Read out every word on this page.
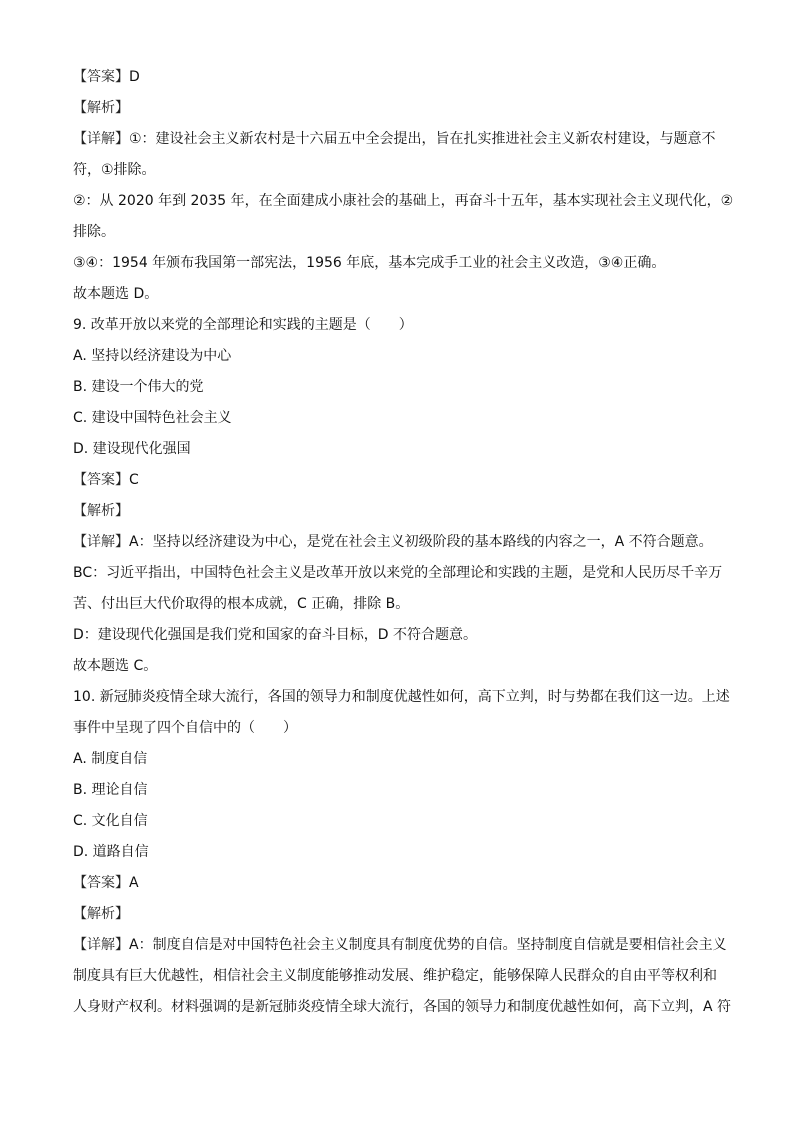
【答案】D
【解析】
【详解】①：建设社会主义新农村是十六届五中全会提出，旨在扎实推进社会主义新农村建设，与题意不
符，①排除。
②：从 2020 年到 2035 年，在全面建成小康社会的基础上，再奋斗十五年，基本实现社会主义现代化，②
排除。
③④：1954 年颁布我国第一部宪法，1956 年底，基本完成手工业的社会主义改造，③④正确。
故本题选 D。
9. 改革开放以来党的全部理论和实践的主题是（　　）
A. 坚持以经济建设为中心
B. 建设一个伟大的党
C. 建设中国特色社会主义
D. 建设现代化强国
【答案】C
【解析】
【详解】A：坚持以经济建设为中心，是党在社会主义初级阶段的基本路线的内容之一，A 不符合题意。
BC：习近平指出，中国特色社会主义是改革开放以来党的全部理论和实践的主题，是党和人民历尽千辛万
苦、付出巨大代价取得的根本成就，C 正确，排除 B。
D：建设现代化强国是我们党和国家的奋斗目标，D 不符合题意。
故本题选 C。
10. 新冠肺炎疫情全球大流行，各国的领导力和制度优越性如何，高下立判，时与势都在我们这一边。上述
事件中呈现了四个自信中的（　　）
A. 制度自信
B. 理论自信
C. 文化自信
D. 道路自信
【答案】A
【解析】
【详解】A：制度自信是对中国特色社会主义制度具有制度优势的自信。坚持制度自信就是要相信社会主义
制度具有巨大优越性，相信社会主义制度能够推动发展、维护稳定，能够保障人民群众的自由平等权利和
人身财产权利。材料强调的是新冠肺炎疫情全球大流行，各国的领导力和制度优越性如何，高下立判，A 符
